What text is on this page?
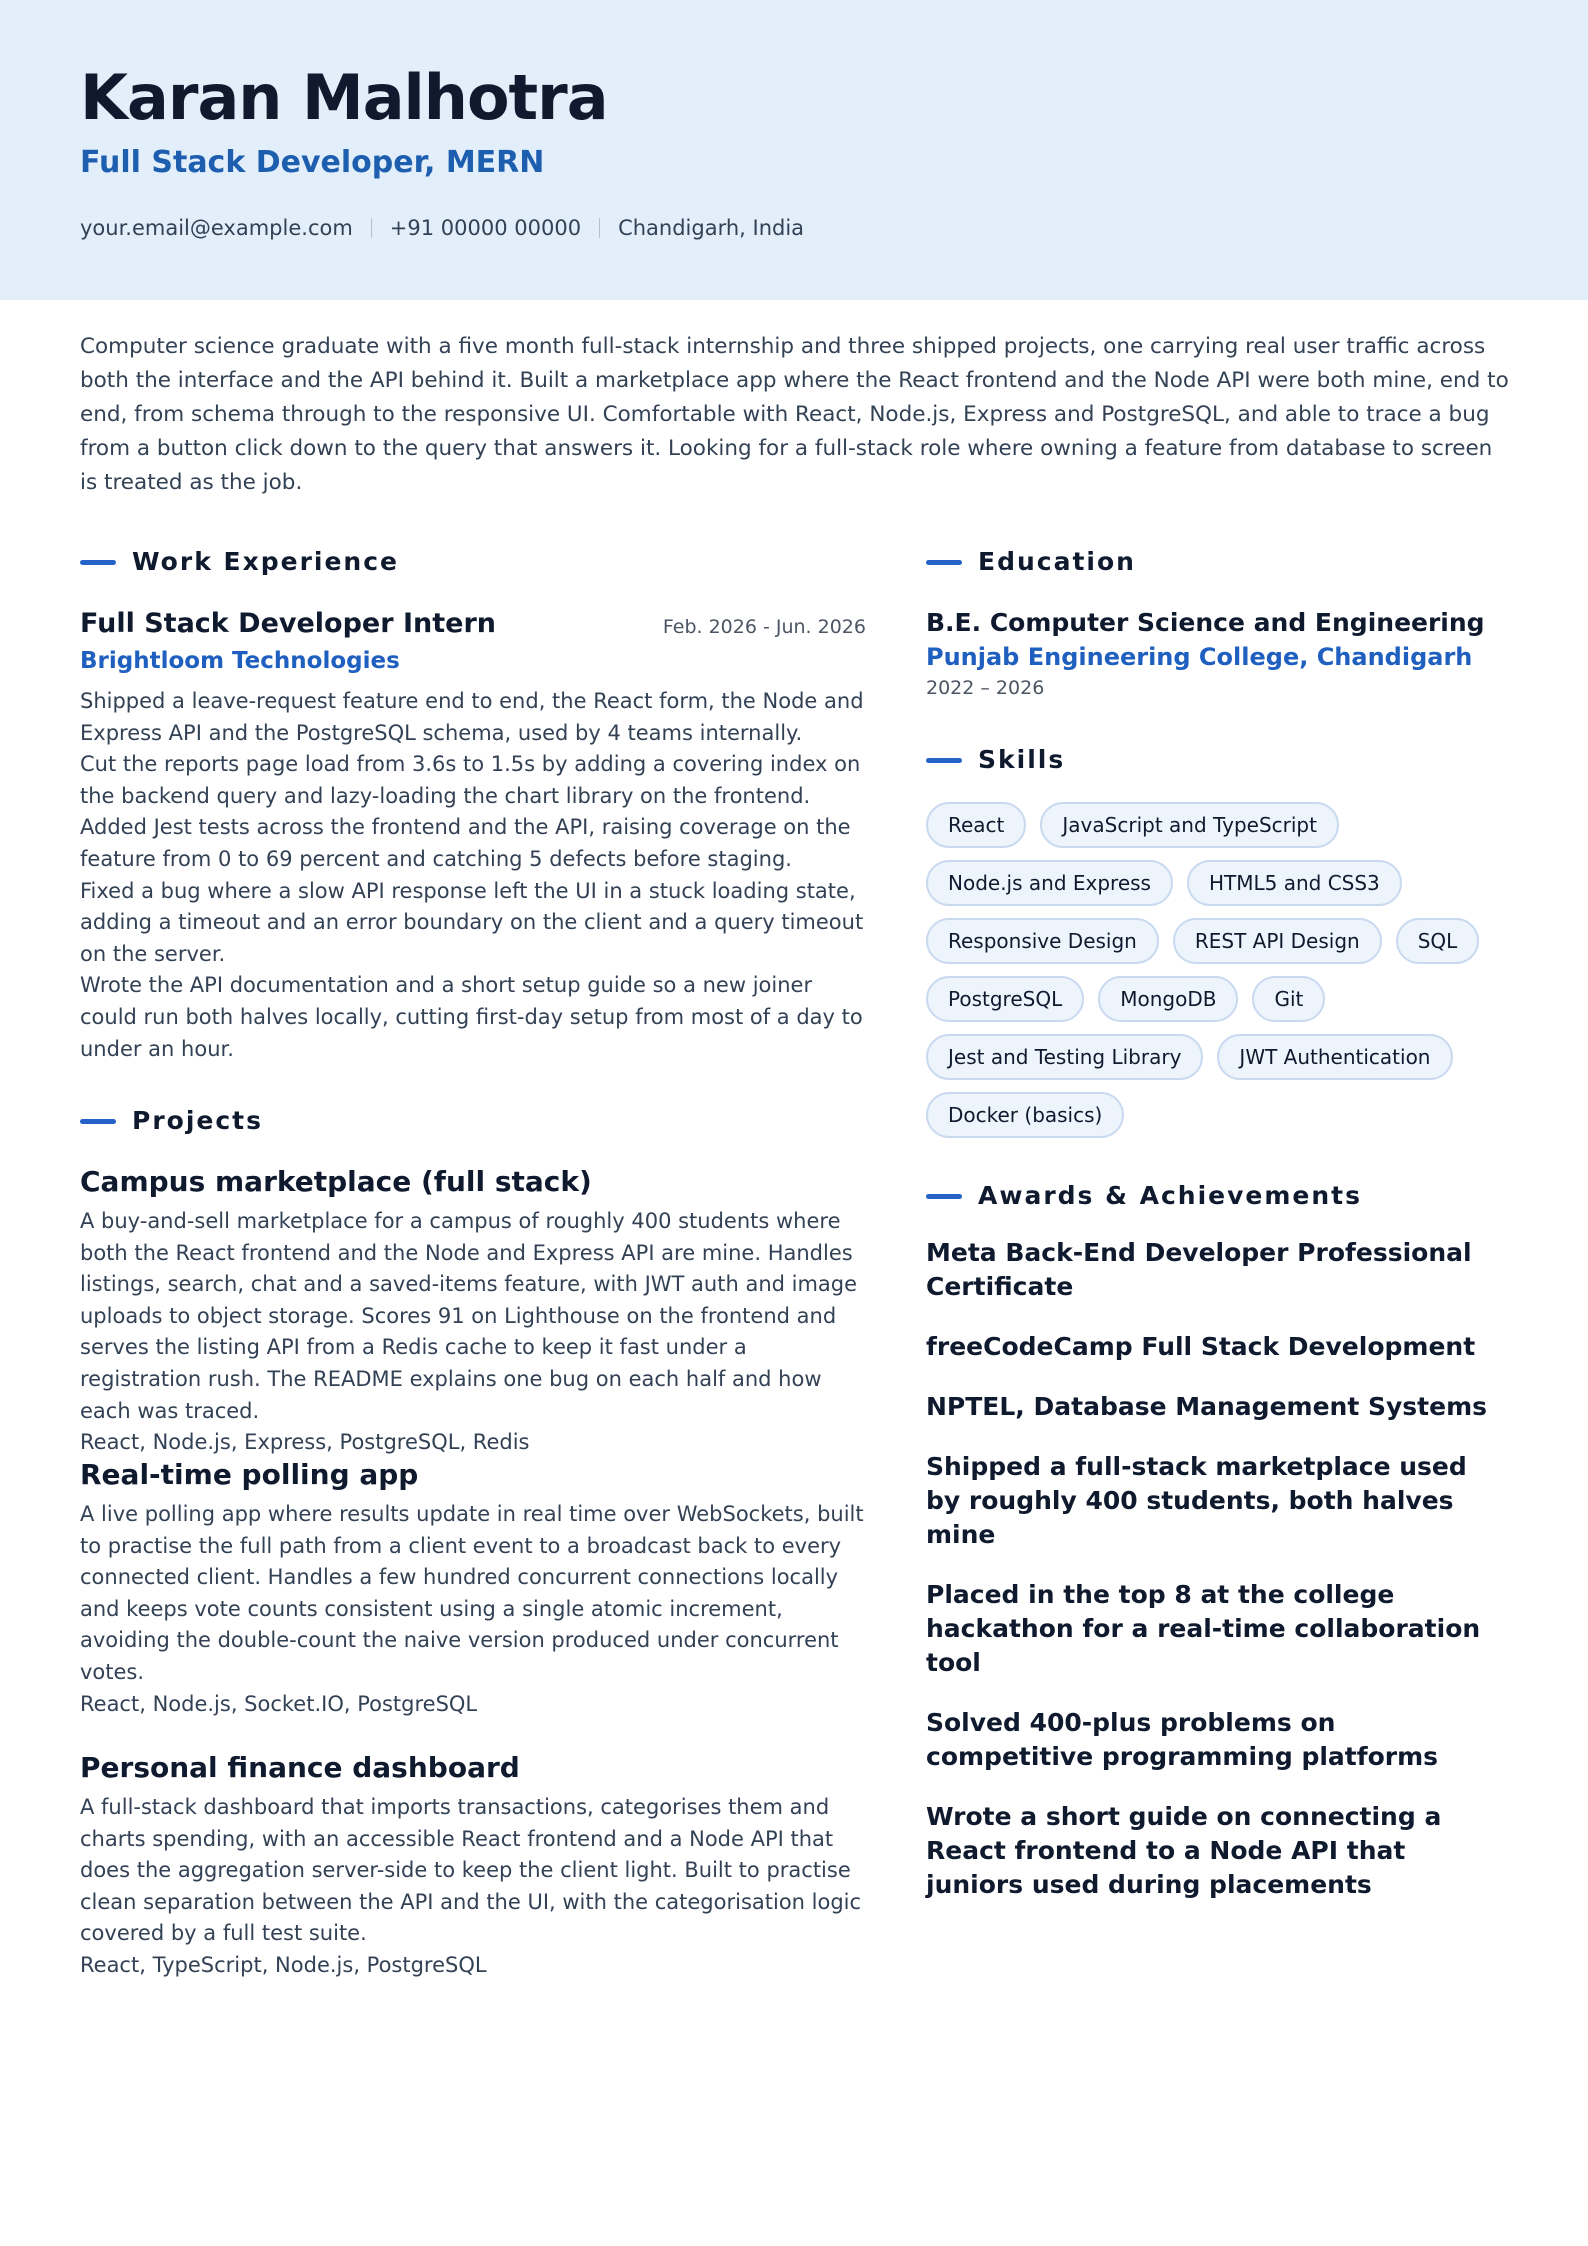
Karan Malhotra
Full Stack Developer, MERN
your.email@example.com +91 00000 00000 Chandigarh, India

Computer science graduate with a five month full-stack internship and three shipped projects, one carrying real user traffic across both the interface and the API behind it. Built a marketplace app where the React frontend and the Node API were both mine, end to end, from schema through to the responsive UI. Comfortable with React, Node.js, Express and PostgreSQL, and able to trace a bug from a button click down to the query that answers it. Looking for a full-stack role where owning a feature from database to screen is treated as the job.

Work Experience
Full Stack Developer Intern	Feb. 2026 - Jun. 2026
Brightloom Technologies
Shipped a leave-request feature end to end, the React form, the Node and Express API and the PostgreSQL schema, used by 4 teams internally.
Cut the reports page load from 3.6s to 1.5s by adding a covering index on the backend query and lazy-loading the chart library on the frontend.
Added Jest tests across the frontend and the API, raising coverage on the feature from 0 to 69 percent and catching 5 defects before staging.
Fixed a bug where a slow API response left the UI in a stuck loading state, adding a timeout and an error boundary on the client and a query timeout on the server.
Wrote the API documentation and a short setup guide so a new joiner could run both halves locally, cutting first-day setup from most of a day to under an hour.
Projects
Campus marketplace (full stack)
A buy-and-sell marketplace for a campus of roughly 400 students where both the React frontend and the Node and Express API are mine. Handles listings, search, chat and a saved-items feature, with JWT auth and image uploads to object storage. Scores 91 on Lighthouse on the frontend and serves the listing API from a Redis cache to keep it fast under a registration rush. The README explains one bug on each half and how each was traced.
React, Node.js, Express, PostgreSQL, Redis
Real-time polling app
A live polling app where results update in real time over WebSockets, built to practise the full path from a client event to a broadcast back to every connected client. Handles a few hundred concurrent connections locally and keeps vote counts consistent using a single atomic increment, avoiding the double-count the naive version produced under concurrent votes.
React, Node.js, Socket.IO, PostgreSQL
Personal finance dashboard
A full-stack dashboard that imports transactions, categorises them and charts spending, with an accessible React frontend and a Node API that does the aggregation server-side to keep the client light. Built to practise clean separation between the API and the UI, with the categorisation logic covered by a full test suite.
React, TypeScript, Node.js, PostgreSQL
Education
B.E. Computer Science and Engineering
Punjab Engineering College, Chandigarh
2022 – 2026
Skills
React	JavaScript and TypeScript
Node.js and Express	HTML5 and CSS3
Responsive Design	REST API Design	SQL
PostgreSQL	MongoDB	Git
Jest and Testing Library	JWT Authentication
Docker (basics)
Awards & Achievements
Meta Back-End Developer Professional Certificate
freeCodeCamp Full Stack Development
NPTEL, Database Management Systems
Shipped a full-stack marketplace used by roughly 400 students, both halves mine
Placed in the top 8 at the college hackathon for a real-time collaboration tool
Solved 400-plus problems on competitive programming platforms
Wrote a short guide on connecting a React frontend to a Node API that juniors used during placements
